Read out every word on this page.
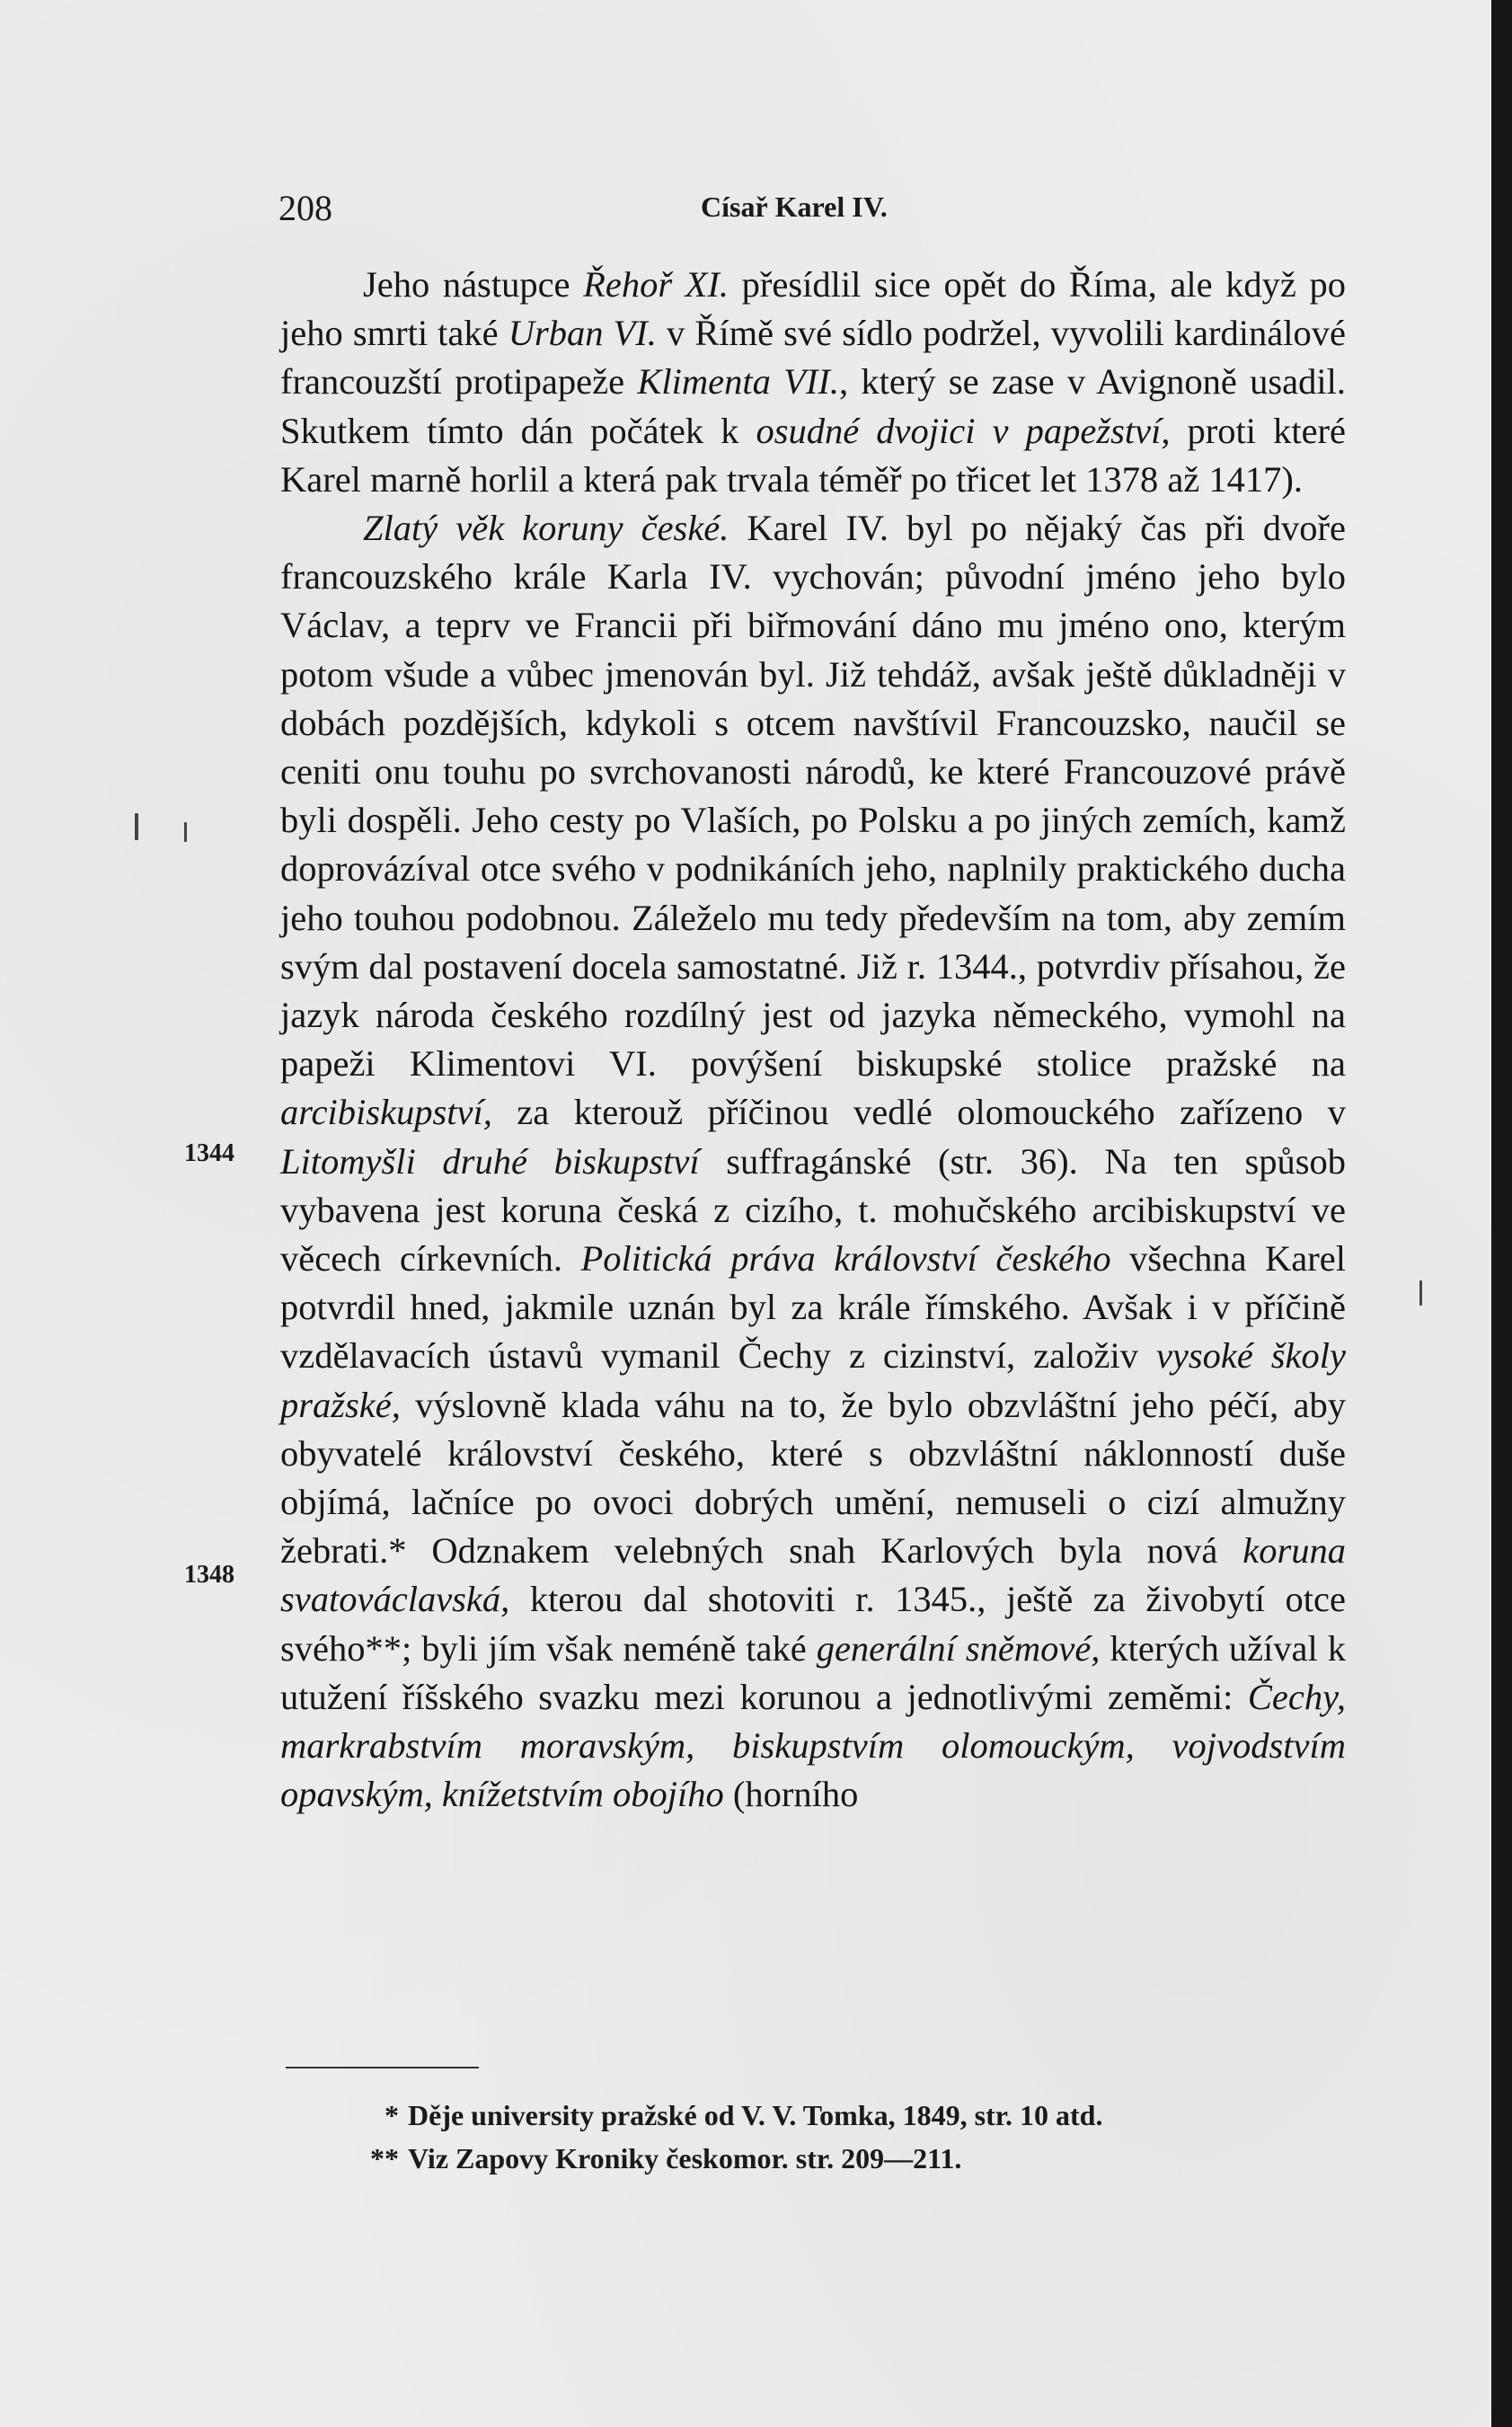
208	Císař Karel IV.

Jeho nástupce Řehoř XI. přesídlil sice opět do Říma, ale když po jeho smrti také Urban VI. v Římě své sídlo podržel, vyvolili kardinálové francouzští protipapeže Klimenta VII., který se zase v Avignoně usadil. Skutkem tímto dán počátek k osudné dvojici v papežství, proti které Karel marně horlil a která pak trvala téměř po třicet let 1378 až 1417).

Zlatý věk koruny české. Karel IV. byl po nějaký čas při dvoře francouzského krále Karla IV. vychován; původní jméno jeho bylo Václav, a teprv ve Francii při biřmování dáno mu jméno ono, kterým potom všude a vůbec jmenován byl. Již tehdáž, avšak ještě důkladněji v dobách pozdějších, kdykoli s otcem navštívil Francouzsko, naučil se ceniti onu touhu po svrchovanosti národů, ke které Francouzové právě byli dospěli. Jeho cesty po Vlaších, po Polsku a po jiných zemích, kamž doprovázíval otce svého v podnikáních jeho, naplnily praktického ducha jeho touhou podobnou. Záleželo mu tedy především na tom, aby zemím svým dal postavení docela samostatné. Již r. 1344., potvrdiv přísahou, že jazyk národa českého rozdílný jest od jazyka německého, vymohl na papeži Klimentovi VI. povýšení biskupské stolice pražské na arcibiskupství, za kterouž příčinou vedlé olomouckého zařízeno v Litomyšli druhé biskupství suffragánské (str. 36). Na ten spůsob vybavena jest koruna česká z cizího, t. mohučského arcibiskupství ve věcech církevních. Politická práva království českého všechna Karel potvrdil hned, jakmile uznán byl za krále římského. Avšak i v příčině vzdělavacích ústavů vymanil Čechy z cizinství, založiv vysoké školy pražské, výslovně klada váhu na to, že bylo obzvláštní jeho péčí, aby obyvatelé království českého, které s obzvláštní náklonností duše objímá, lačníce po ovoci dobrých umění, nemuseli o cizí almužny žebrati.* Odznakem velebných snah Karlových byla nová koruna svatováclavská, kterou dal shotoviti r. 1345., ještě za živobytí otce svého**; byli jím však neméně také generální sněmové, kterých užíval k utužení říšského svazku mezi korunou a jednotlivými zeměmi: Čechy, markrabstvím moravským, biskupstvím olomouckým, vojvodstvím opavským, knížetstvím obojího (horního

1344
1348
* Děje university pražské od V. V. Tomka, 1849, str. 10 atd.
** Viz Zapovy Kroniky českomor. str. 209—211.
